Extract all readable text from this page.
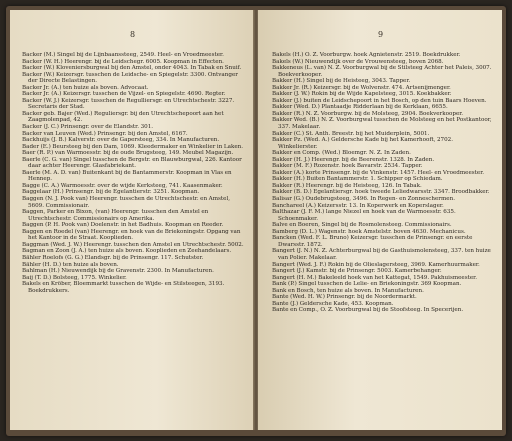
8

Backer (M.) Singel bij de Lijnbaanssteeg, 2549. Heel- en Vroedmeester.

Backer (W. H.) Heerengr. bij de Leidschegr. 6005. Koopman in Effecten.

Backer (W.) Kloveniersburgwal bij den Amstel, onder 4043. In Tabak en Snuif.

Backer (W.) Keizersgr. tusschen de Leidsche- en Spiegelstr. 3300. Ontvanger der Directe Belastingen.

Backer Jr. (A.) ten huize als boven. Advocaat.

Backer Jr. (A.) Keizersgr. tusschen de Vijzel- en Spiegelstr. 4690. Regter.

Backer (W. J.) Keizersgr. tusschen de Regulliersgr. en Utrechtschestr. 3227. Secretaris der Stad.

Backer geb. Bajer (Wed.) Reguliersgr. bij den Utrechtschepoort aan het Zaagmolenpad, 42.

Backer (J. C.) Prinsengr. over de Elandstr. 301.

Backer van Leuven (Wed.) Prinsengr. bij den Amstel, 6167.

Backhuijs (J. B.) Kalverstr. over de Gapersteeg, 334. In Manufacturen.

Bader (E.) Beursteeg bij den Dam, 1069. Kleedermaker en Winkelier in Laken.

Baer (R. P.) van Warmoesstr. bij de oude Brugsteeg, 149. Meubel Magazijn.

Baerle (C. G. van) Singel tusschen de Bergstr. en Blauwburgwal, 226. Kantoor daar achter Heerengr. Glasfabriekant.

Baerle (M. A. D. van) Buitenkant bij de Bantammerstr. Koopman in Vlas en Hennep.

Bagge (C. A.) Warmoesstr. over de wijde Kerksteeg, 741. Kaasenmaker.

Baggelaar (H.) Prinsengr. bij de Egelantierstr. 3251. Koopman.

Baggen (N. J. Pook van) Heerengr. tusschen de Utrechtschestr. en Amstel, 5609. Commissionair.

Baggen, Parker en Bixon, (van) Heerengr. tusschen den Amstel en Utrechtschestr. Commissionairs op Amerika.

Baggen (P. H. Pook van) Doelenstr. in het Badhuis. Koopman en Reeder.

Baggen en Roedel (van) Heerengr. en hoek van de Briekoningstr. Opgang van het Kantoor in de Straat. Kooplieden.

Baggman (Wed. J. W.) Heerengr. tusschen den Amstel en Utrechtschestr. 5002.

Bagman en Zoon (J. A.) ten huize als boven. Kooplieden en Zeehandelaars.

Bähler Roelofs (G. G.) Elandsgr. bij de Prinsengr. 117. Schutster.

Bähler (H. D.) ten huize als boven.

Bahlman (H.) Nieuwendijk bij de Gravenstr. 2300. In Manufacturen.

Baij (T. D.) Bolsteeg, 1775. Winkelier.

Bakels en Kröber, Bloemmarkt tusschen de Wijde- en Stilsteegen, 3193. Boekdrukkers.

9

Bakels (H.) O. Z. Voorburgw. hoek Agnietenstr. 2519. Boekdrukker.

Bakels (W.) Nieuwendijk over de Vrouwensteeg, boven 2068.

Bakkeneus (L. van) N. Z. Voorburgwal bij de Stilsteeg Achter het Paleis, 3007. Boekverkooper.

Bakker (H.) Singel bij de Heisteeg, 3043. Tapper.

Bakker Jr. (R.) Keizersgr. bij de Wolvenstr. 474. Artsenijmenger.

Bakker (J. W.) Rokin bij de Wijde Kapelsteeg, 3015. Koekbakker.

Bakker (J.) buiten de Leidschepoort in het Bosch, op den tuin Baars Hoeven.

Bakker (Wed. D.) Plantaadje Ridderlaan bij de Kerklaan, 6655.

Bakker (R.) N. Z. Voorburgw. bij de Molsteeg, 2904. Boekverkooper.

Bakker Wed. (B.) N. Z. Voorburgwal tusschen de Molsteeg en het Postkantoor, 337. Makelaar.

Bakker (C.) St. Anth. Breestr. bij het Muiderplein, 5001.

Bakker Pz. (Wed. A.) Geldersche Kade bij het Kamerhooft, 2702. Winkelierster.

Bakker en Comp. (Wed.) Bloemgr. N. Z. In Zaden.

Bakker (H. J.) Heerengr. bij de Beerenstr. 1328. In Zaden.

Bakker (M. F.) Rozenstr. hoek Bavarstr. 2534. Tapper.

Bakker (A.) korte Prinsengr. bij de Vinkenstr. 1457. Heel- en Vroedmeester.

Bakker (H.) Buiten Bantammerstr. 1. Schipper op Schiedam.

Bakker (R.) Heerengr. bij de Heisteeg, 126. In Tabak.

Bakker (B. D.) Egelantiersgr. hoek tweede Leliedwarsstr. 3347. Broodbakker.

Balisar (G.) Oudebrugsteeg, 3496. In Regen- en Zonneschermen.

Banchareel (A.) Keizersstr. 13. In Koperwerk en Koperslager.

Balthazar (J. F. M.) lange Niezel en hoek van de Warmoesstr. 635. Schoenmaker.

Balve en Boeren, Singel bij de Rosmolensteeg. Commissionairs.

Bamberg (D. L.) Wagenstr. hoek Amstelstr. boven 4630. Mechanicus.

Bancken (Wed. F. L. Bruno) Keizersgr. tusschen de Prinsengr. en eerste Dwarsstr. 1872.

Bangert (J. N.) N. Z. Achterburgwal bij de Gasthuismolensteeg, 337. ten huize van Polier. Makelaar.

Bangert (Wed. J. F.) Rokin bij de Olieslagersteeg, 3969. Kamerhuurmaker.

Bangert (J.) Kamstr. bij de Prinsengr. 5003. Kamerbehanger.

Bangert (H. M.) Bakeleeld hoek van het Kattegat, 1549. Pakhuismeester.

Bank (P.) Singel tusschen de Lelie- en Briekoningstr. 369 Koopman.

Bank en Bosch, ten huize als boven. In Manufacturen.

Bante (Wed. H. W.) Prinsengr. bij de Noordermarkt.

Bante (J.) Geldersche Kade, 453. Koopman.

Bante en Comp., O. Z. Voorburgwal bij de Stoofsteeg. In Specerijen.
